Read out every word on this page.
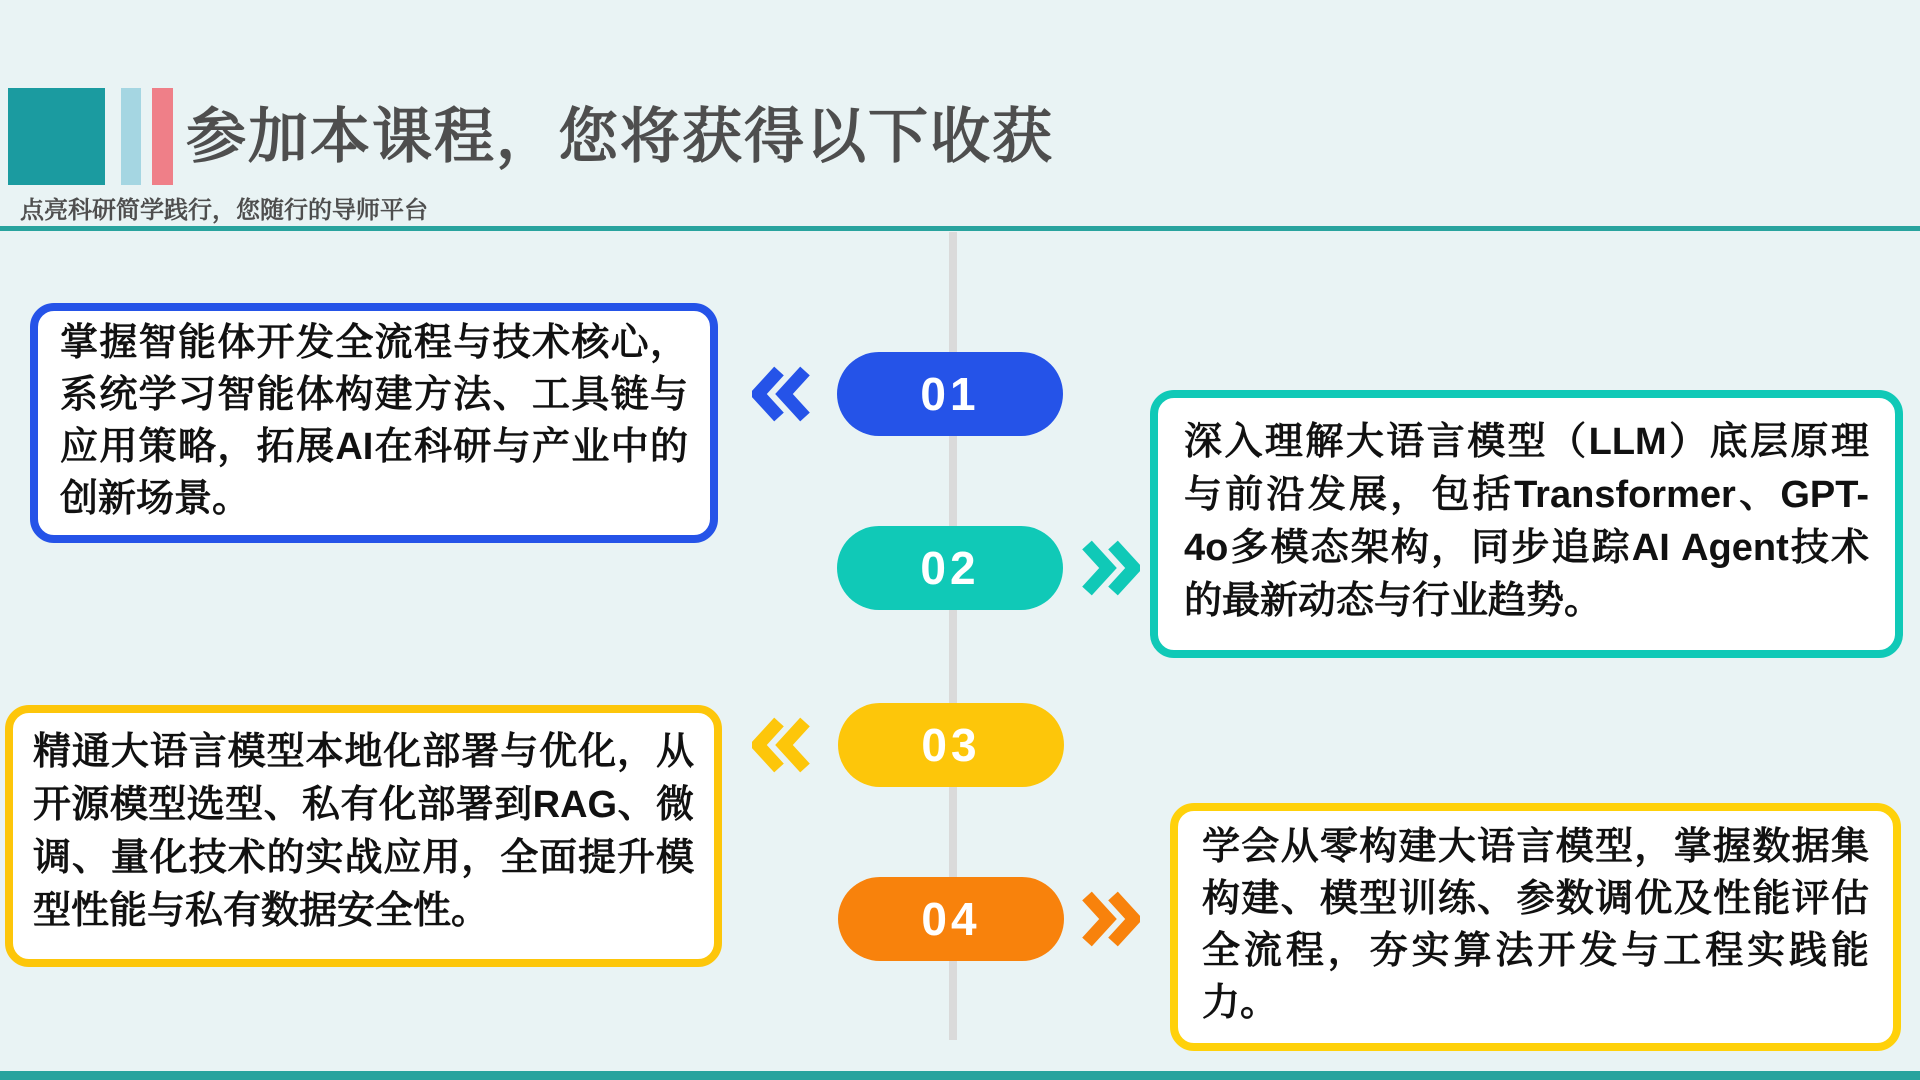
参加本课程，您将获得以下收获
点亮科研简学践行，您随行的导师平台
01
掌握智能体开发全流程与技术核心，系统学习智能体构建方法、工具链与应用策略，拓展AI在科研与产业中的创新场景。
02
深入理解大语言模型（LLM）底层原理与前沿发展，包括Transformer、GPT-4o多模态架构，同步追踪AI Agent技术的最新动态与行业趋势。
03
精通大语言模型本地化部署与优化，从开源模型选型、私有化部署到RAG、微调、量化技术的实战应用，全面提升模型性能与私有数据安全性。	04
学会从零构建大语言模型，掌握数据集构建、模型训练、参数调优及性能评估全流程，夯实算法开发与工程实践能力。
